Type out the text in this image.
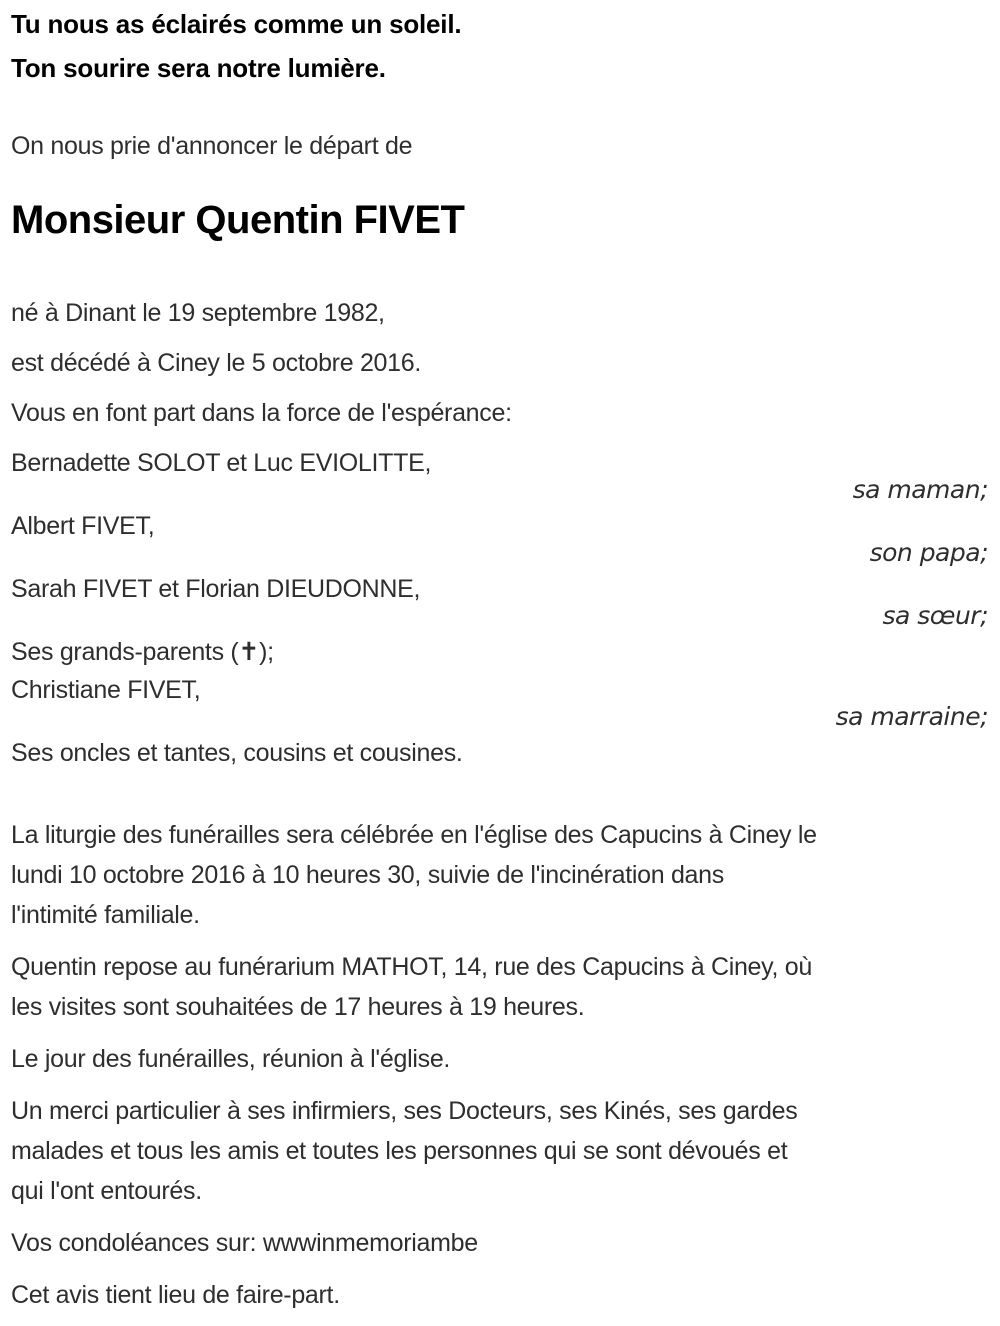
Tu nous as éclairés comme un soleil.
Ton sourire sera notre lumière.
On nous prie d'annoncer le départ de
Monsieur Quentin FIVET
né à Dinant le 19 septembre 1982,
est décédé à Ciney le 5 octobre 2016.
Vous en font part dans la force de l'espérance:
Bernadette SOLOT et Luc EVIOLITTE,
sa maman;
Albert FIVET,
son papa;
Sarah FIVET et Florian DIEUDONNE,
sa sœur;
Ses grands-parents (✝);
Christiane FIVET,
sa marraine;
Ses oncles et tantes, cousins et cousines.
La liturgie des funérailles sera célébrée en l'église des Capucins à Ciney le
lundi 10 octobre 2016 à 10 heures 30, suivie de l'incinération dans
l'intimité familiale.
Quentin repose au funérarium MATHOT, 14, rue des Capucins à Ciney, où
les visites sont souhaitées de 17 heures à 19 heures.
Le jour des funérailles, réunion à l'église.
Un merci particulier à ses infirmiers, ses Docteurs, ses Kinés, ses gardes
malades et tous les amis et toutes les personnes qui se sont dévoués et
qui l'ont entourés.
Vos condoléances sur: wwwinmemoriambe
Cet avis tient lieu de faire-part.
